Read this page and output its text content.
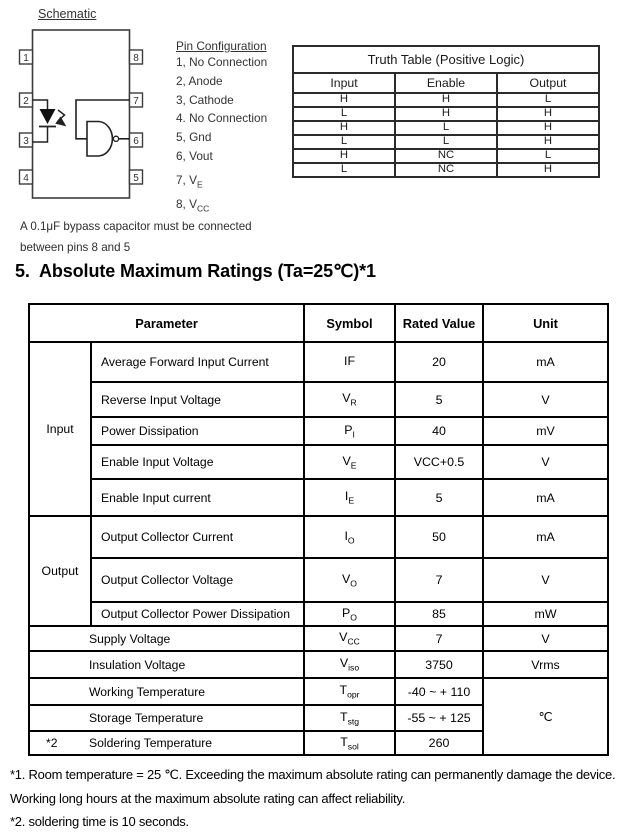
Schematic
1
2
3
4
8
7
6
5
Pin Configuration
1, No Connection
2, Anode
3, Cathode
4. No Connection
5, Gnd
6, Vout
7, $V_E$
8, $V_{CC}$
Truth Table (Positive Logic)		
Input	Enable	Output
H	H	L
L	H	H
H	L	H
L	L	H
H	NC	L
L	NC	H
A 0.1μF bypass capacitor must be connected
between pins 8 and 5
5.  Absolute Maximum Ratings (Ta=25℃)*1
Parameter		Symbol	Rated Value	Unit
Input	Average Forward Input Current	IF	20	mA
	Reverse Input Voltage	$V_R$	5	V
	Power Dissipation	$P_I$	40	mV
	Enable Input Voltage	$V_E$	VCC+0.5	V
	Enable Input current	$I_E$	5	mA
Output	Output Collector Current	$I_O$	50	mA
	Output Collector Voltage	$V_O$	7	V
	Output Collector Power Dissipation	$P_O$	85	mW
Supply Voltage		$V_{CC}$	7	V
Insulation Voltage		$V_{iso}$	3750	Vrms
Working Temperature		$T_{opr}$	-40 ~ + 110	℃
Storage Temperature		$T_{stg}$	-55 ~ + 125	

*2 Soldering Temperature		$T_{sol}$	260	
*1. Room temperature = 25 ℃. Exceeding the maximum absolute rating can permanently damage the device.
Working long hours at the maximum absolute rating can affect reliability.
*2. soldering time is 10 seconds.
